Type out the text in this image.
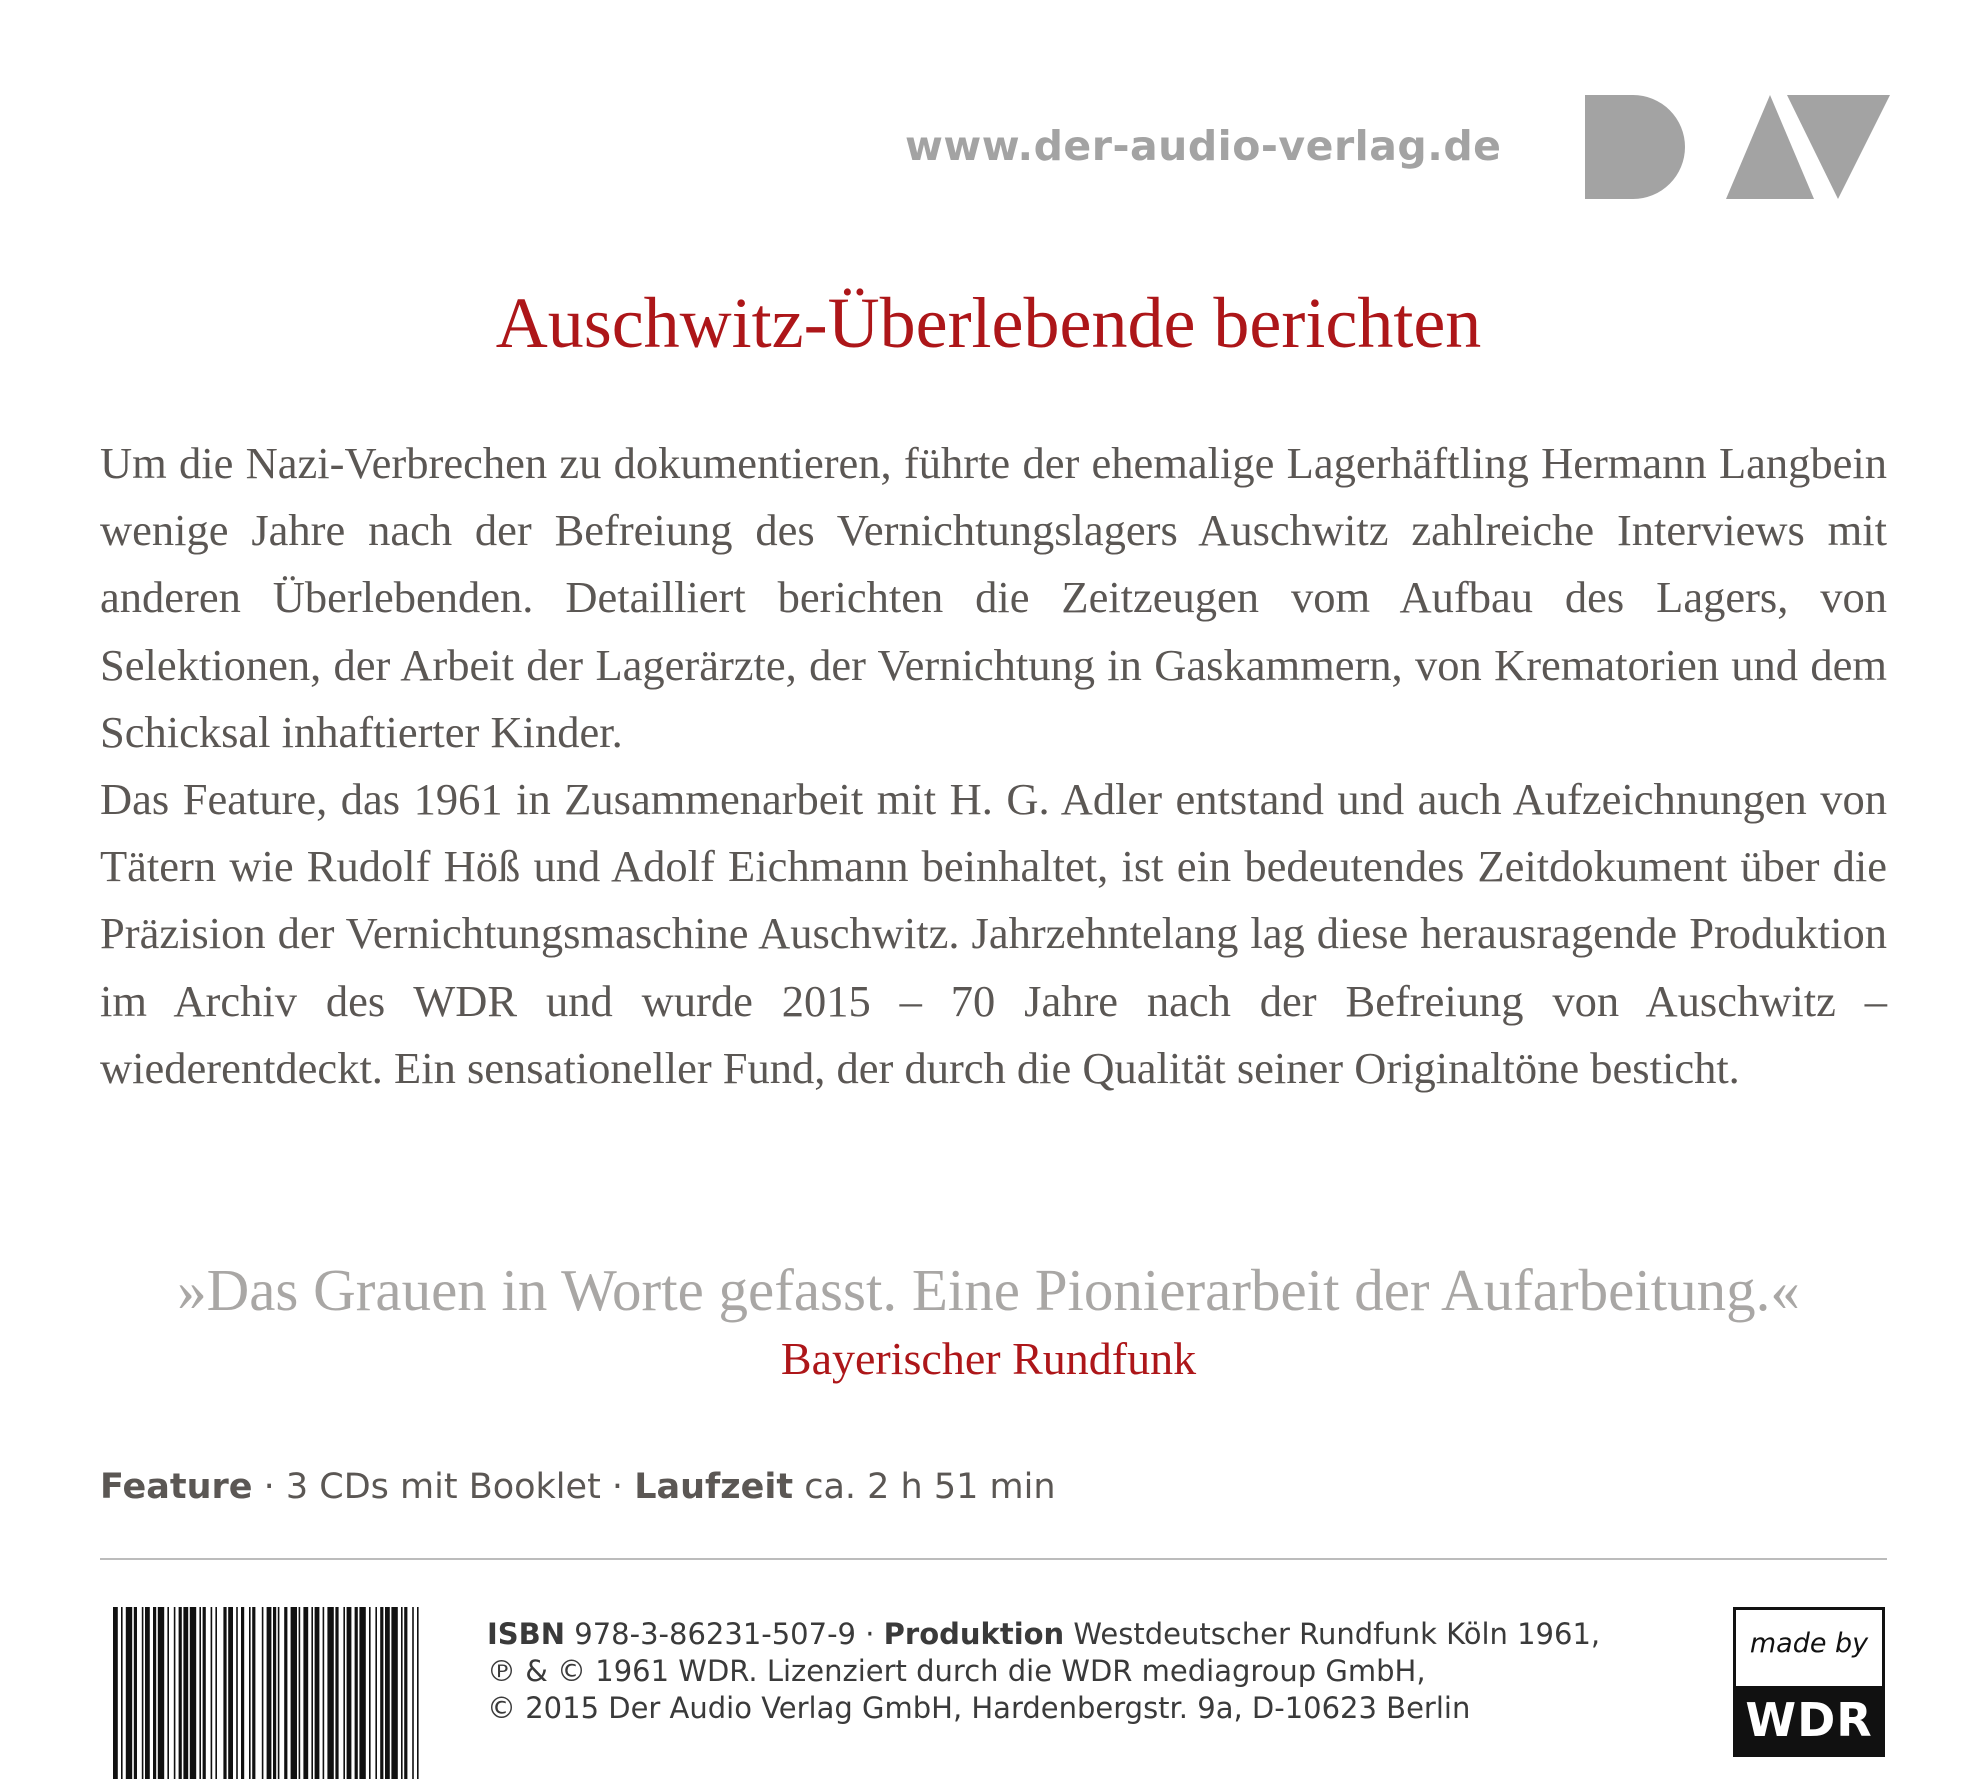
www.der-audio-verlag.de
Auschwitz-Überlebende berichten

Um die Nazi-Verbrechen zu dokumentieren, führte der ehemalige Lagerhäftling Hermann Langbein wenige Jahre nach der Befreiung des Vernichtungslagers Auschwitz zahlreiche Interviews mit anderen Überlebenden. Detailliert berichten die Zeitzeugen vom Aufbau des Lagers, von Selektionen, der Arbeit der Lagerärzte, der Vernichtung in Gaskammern, von Krematorien und dem Schicksal inhaftierter Kinder.

Das Feature, das 1961 in Zusammenarbeit mit H. G. Adler entstand und auch Aufzeichnungen von Tätern wie Rudolf Höß und Adolf Eichmann beinhaltet, ist ein bedeutendes Zeitdokument über die Präzision der Vernichtungsmaschine Auschwitz. Jahrzehntelang lag diese herausragende Produktion im Archiv des WDR und wurde 2015 – 70 Jahre nach der Befreiung von Auschwitz – wiederentdeckt. Ein sensationeller Fund, der durch die Qualität seiner Originaltöne besticht.

»Das Grauen in Worte gefasst. Eine Pionierarbeit der Aufarbeitung.«
Bayerischer Rundfunk
Feature · 3 CDs mit Booklet · Laufzeit ca. 2 h 51 min
ISBN 978-3-86231-507-9 · Produktion Westdeutscher Rundfunk Köln 1961,
℗ & © 1961 WDR. Lizenziert durch die WDR mediagroup GmbH,
© 2015 Der Audio Verlag GmbH, Hardenbergstr. 9a, D-10623 Berlin
made by
WDR
